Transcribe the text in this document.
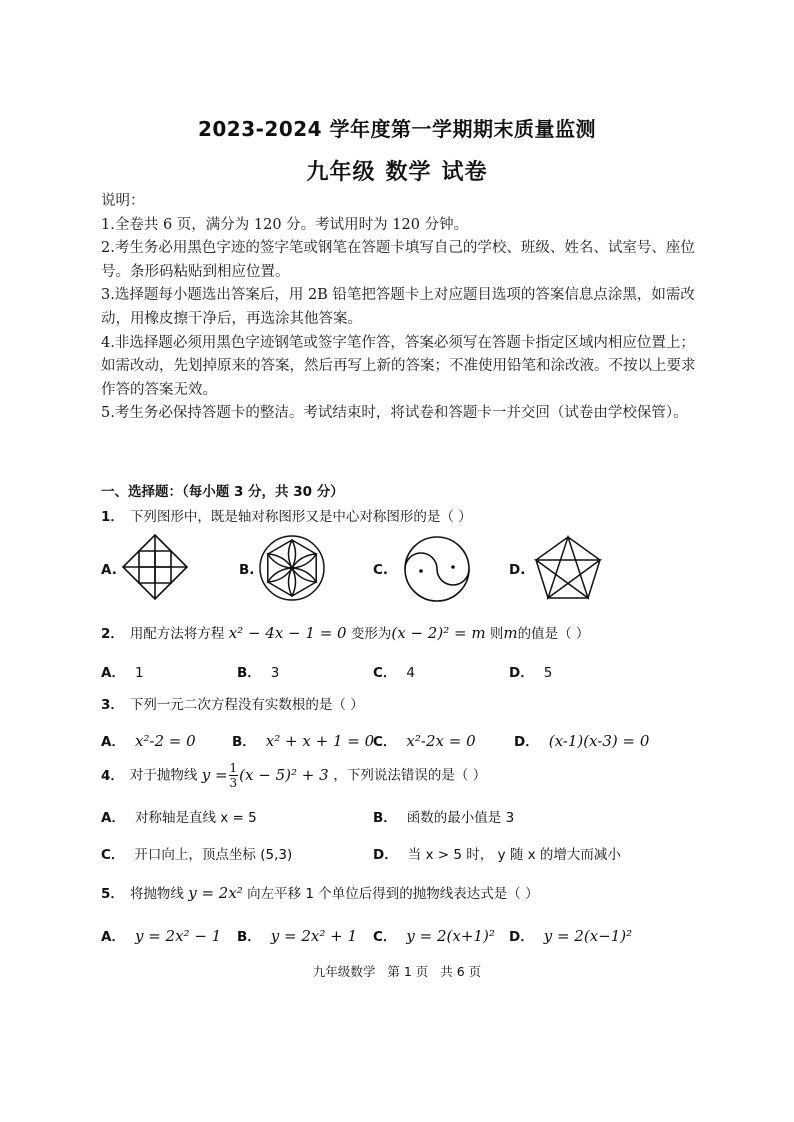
2023-2024 学年度第一学期期末质量监测
九年级 数学 试卷

说明：

1.全卷共 6 页，满分为 120 分。考试用时为 120 分钟。

2.考生务必用黑色字迹的签字笔或钢笔在答题卡填写自己的学校、班级、姓名、试室号、座位号。条形码粘贴到相应位置。

3.选择题每小题选出答案后，用 2B 铅笔把答题卡上对应题目选项的答案信息点涂黑，如需改动，用橡皮擦干净后，再选涂其他答案。

4.非选择题必须用黑色字迹钢笔或签字笔作答，答案必须写在答题卡指定区域内相应位置上；如需改动，先划掉原来的答案，然后再写上新的答案；不准使用铅笔和涂改液。不按以上要求作答的答案无效。

5.考生务必保持答题卡的整洁。考试结束时，将试卷和答题卡一并交回（试卷由学校保管）。

一、选择题：（每小题 3 分，共 30 分）
1． 下列图形中，既是轴对称图形又是中心对称图形的是（ ）
A.	B.	C.	D.
2． 用配方法将方程 x² − 4x − 1 = 0 变形为(x − 2)² = m 则m的值是（ ）
A． 1	B． 3	C． 4	D． 5
3． 下列一元二次方程没有实数根的是（ ）
A． x²-2 = 0	B． x² + x + 1 = 0
C． x²-2x = 0	D． (x-1)(x-3) = 0
4． 对于抛物线 $y = \frac{1}{3} (x - 5)^2 + 3$ ，下列说法错误的是（ ）
A． 对称轴是直线 x = 5	B． 函数的最小值是 3
C． 开口向上，顶点坐标 (5,3)	D． 当 x > 5 时， y 随 x 的增大而减小
5． 将抛物线 y = 2x² 向左平移 1 个单位后得到的抛物线表达式是（ ）
A． y = 2x² − 1 B． y = 2x² + 1 C． y = 2(x+1)² D． y = 2(x−1)²
九年级数学 第 1 页 共 6 页
